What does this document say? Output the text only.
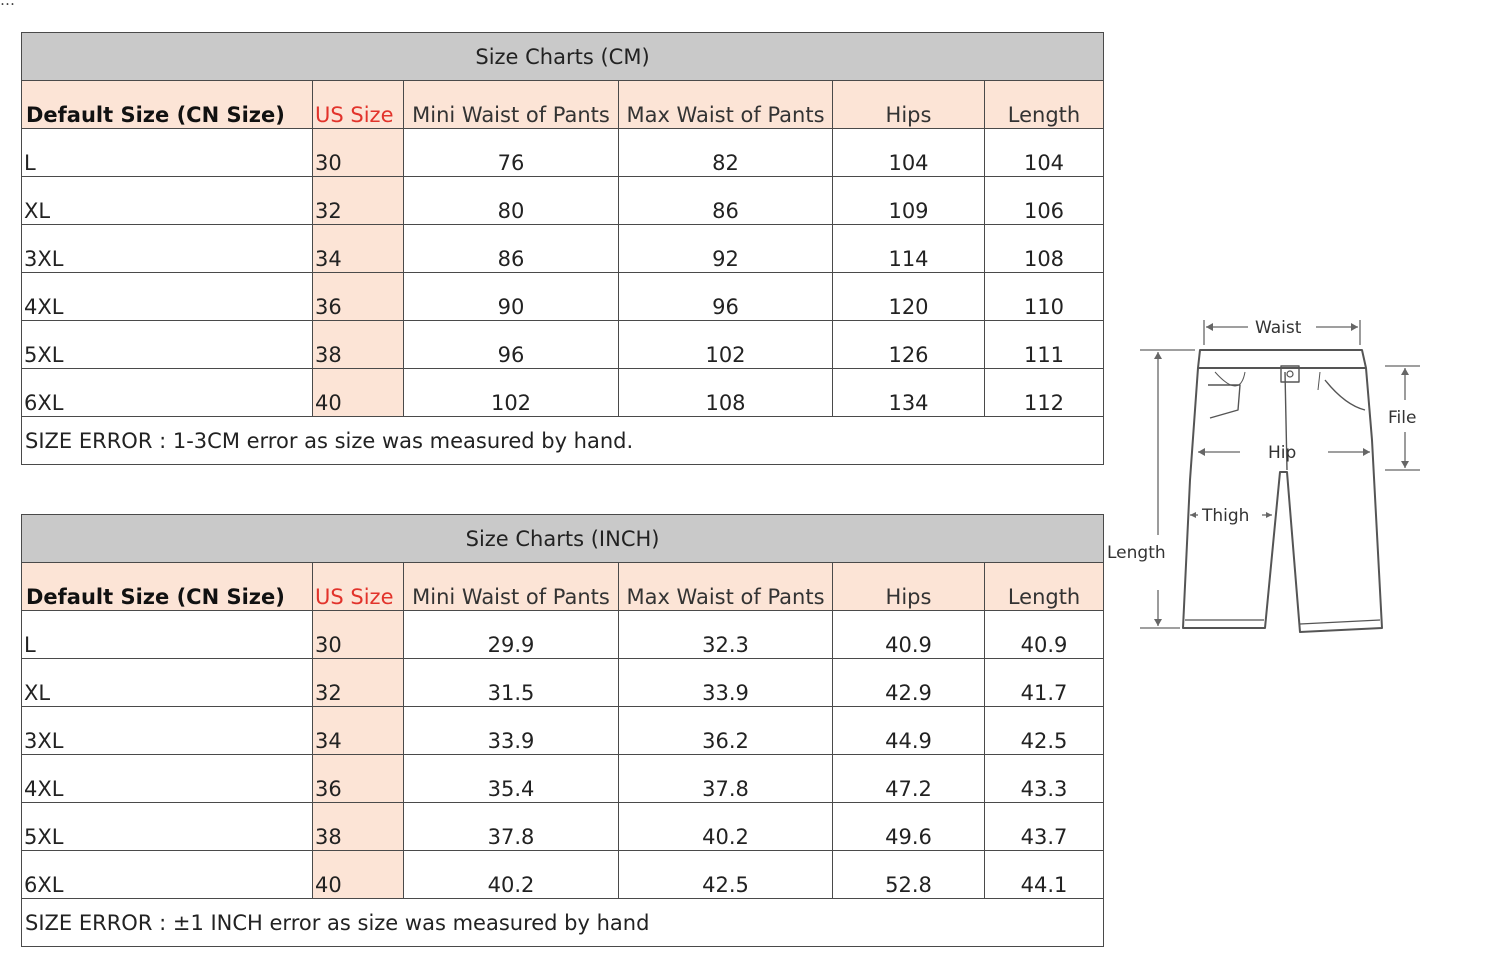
Size Charts (CM)					
Default Size (CN Size)	US Size	Mini Waist of Pants	Max Waist of Pants	Hips	Length
L	30	76	82	104	104
XL	32	80	86	109	106
3XL	34	86	92	114	108
4XL	36	90	96	120	110
5XL	38	96	102	126	111
6XL	40	102	108	134	112
SIZE ERROR : 1-3CM error as size was measured by hand.					
Size Charts (INCH)					
Default Size (CN Size)	US Size	Mini Waist of Pants	Max Waist of Pants	Hips	Length
L	30	29.9	32.3	40.9	40.9
XL	32	31.5	33.9	42.9	41.7
3XL	34	33.9	36.2	44.9	42.5
4XL	36	35.4	37.8	47.2	43.3
5XL	38	37.8	40.2	49.6	43.7
6XL	40	40.2	42.5	52.8	44.1
SIZE ERROR : ±1 INCH error as size was measured by hand					
Waist
File
Hip
Thigh
Length
